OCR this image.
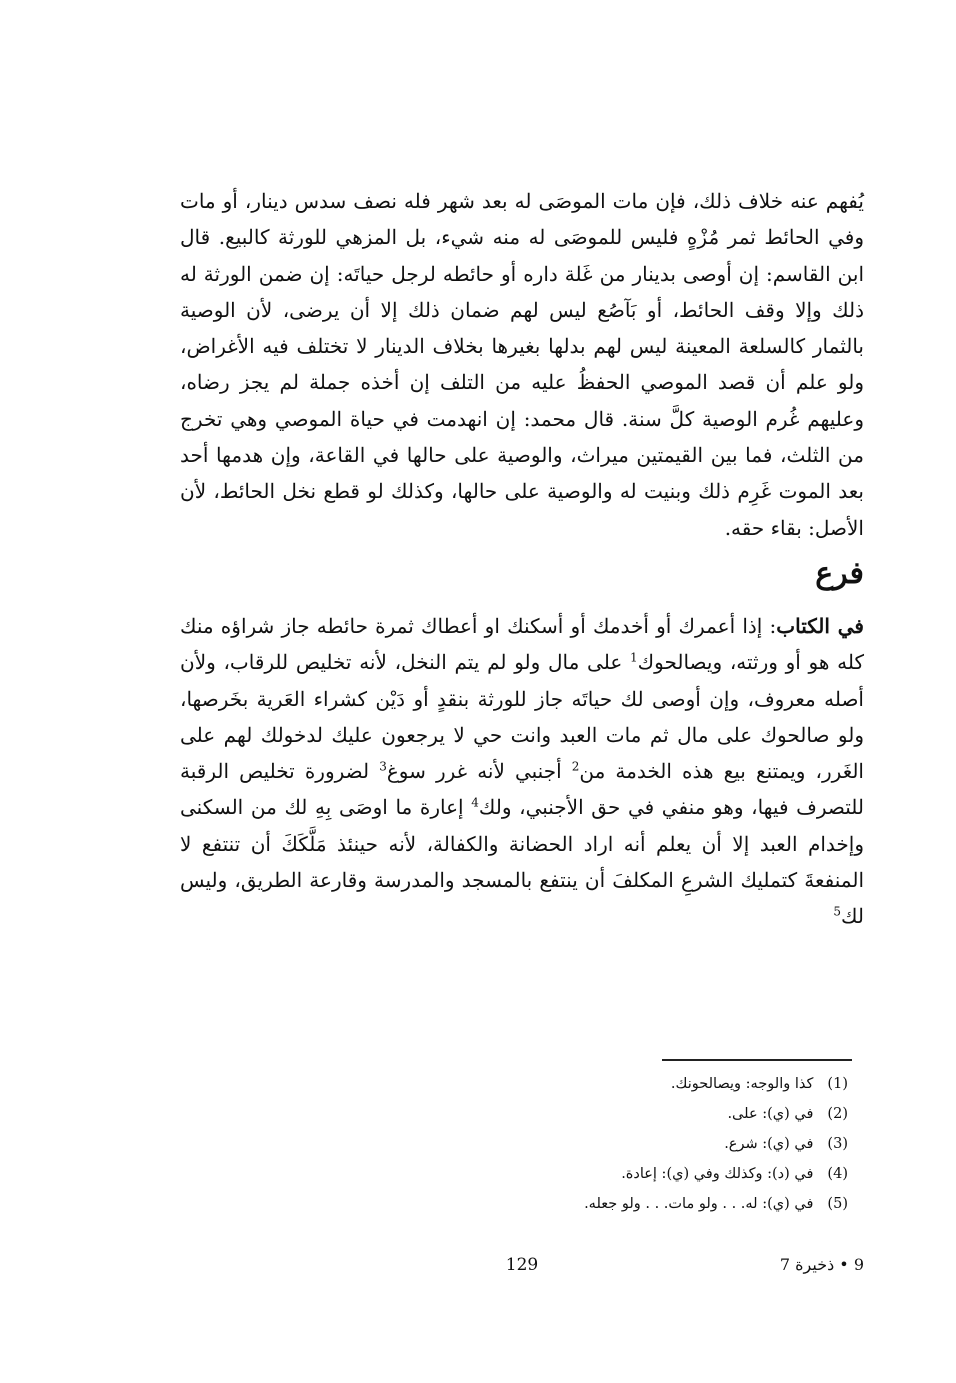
يُفهم عنه خلاف ذلك، فإن مات الموصَى له بعد شهر فله نصف سدس دينار، أو مات وفي الحائط ثمر مُزْهٍ فليس للموصَى له منه شيء، بل المزهي للورثة كالبيع. قال ابن القاسم: إن أوصى بدينار من غَلة داره أو حائطه لرجل حياتَه: إن ضمن الورثة له ذلك وإلا وقف الحائط، أو بَآصُع ليس لهم ضمان ذلك إلا أن يرضى، لأن الوصية بالثمار كالسلعة المعينة ليس لهم بدلها بغيرها بخلاف الدينار لا تختلف فيه الأغراض، ولو علم أن قصد الموصي الحفظُ عليه من التلف إن أخذه جملة لم يجز رضاه، وعليهم غُرم الوصية كلَّ سنة. قال محمد: إن انهدمت في حياة الموصي وهي تخرج من الثلث، فما بين القيمتين ميراث، والوصية على حالها في القاعة، وإن هدمها أحد بعد الموت غَرِم ذلك وبنيت له والوصية على حالها، وكذلك لو قطع نخل الحائط، لأن الأصل: بقاء حقه.

فرع

في الكتاب: إذا أعمرك أو أخدمك أو أسكنك او أعطاك ثمرة حائطه جاز شراؤه منك كله هو أو ورثته، ويصالحوك$^1$ على مال ولو لم يتم النخل، لأنه تخليص للرقاب، ولأن أصله معروف، وإن أوصى لك حياتَه جاز للورثة بنقدٍ أو دَيْن كشراء العَرية بخَرصها، ولو صالحوك على مال ثم مات العبد وانت حي لا يرجعون عليك لدخولك لهم على الغَرر، ويمتنع بيع هذه الخدمة من$^2$ أجنبي لأنه غرر سوغ$^3$ لضرورة تخليص الرقبة للتصرف فيها، وهو منفي في حق الأجنبي، ولك$^4$ إعارة ما اوصَى بِهِ لك من السكنى وإخدام العبد إلا أن يعلم أنه اراد الحضانة والكفالة، لأنه حينئذ مَلَّكَكَ أن تنتفع لا المنفعةَ كتمليك الشرعِ المكلفَ أن ينتفع بالمسجد والمدرسة وقارعة الطريق، وليس لك$^5$

(1) كذا والوجه: ويصالحونك.
(2) في (ي): على.
(3) في (ي): شرع.
(4) في (د): وكذلك وفي (ي): إعادة.
(5) في (ي): له. . . ولو مات. . . ولو جعله.
129	9 • ذخيرة 7
